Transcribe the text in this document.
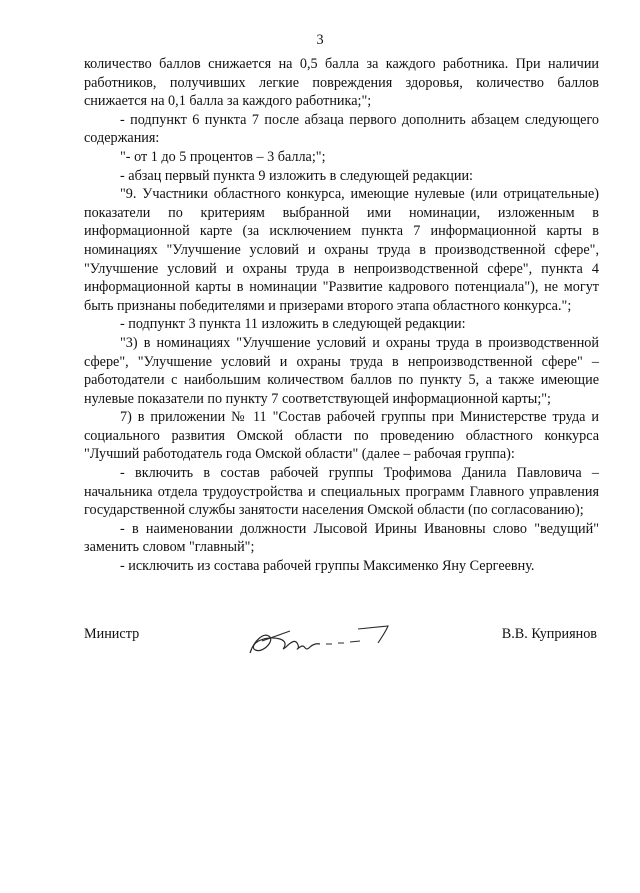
3

количество баллов снижается на 0,5 балла за каждого работника. При наличии работников, получивших легкие повреждения здоровья, количество баллов снижается на 0,1 балла за каждого работника;";

- подпункт 6 пункта 7 после абзаца первого дополнить абзацем следующего содержания:

"- от 1 до 5 процентов – 3 балла;";

- абзац первый пункта 9 изложить в следующей редакции:

"9. Участники областного конкурса, имеющие нулевые (или отрицательные) показатели по критериям выбранной ими номинации, изложенным в информационной карте (за исключением пункта 7 информационной карты в номинациях "Улучшение условий и охраны труда в производственной сфере", "Улучшение условий и охраны труда в непроизводственной сфере", пункта 4 информационной карты в номинации "Развитие кадрового потенциала"), не могут быть признаны победителями и призерами второго этапа областного конкурса.";

- подпункт 3 пункта 11 изложить в следующей редакции:

"3) в номинациях "Улучшение условий и охраны труда в производственной сфере", "Улучшение условий и охраны труда в непроизводственной сфере" – работодатели с наибольшим количеством баллов по пункту 5, а также имеющие нулевые показатели по пункту 7 соответствующей информационной карты;";

7) в приложении № 11 "Состав рабочей группы при Министерстве труда и социального развития Омской области по проведению областного конкурса "Лучший работодатель года Омской области" (далее – рабочая группа):

- включить в состав рабочей группы Трофимова Данила Павловича – начальника отдела трудоустройства и специальных программ Главного управления государственной службы занятости населения Омской области (по согласованию);

- в наименовании должности Лысовой Ирины Ивановны слово "ведущий" заменить словом "главный";

- исключить из состава рабочей группы Максименко Яну Сергеевну.

Министр	В.В. Куприянов
